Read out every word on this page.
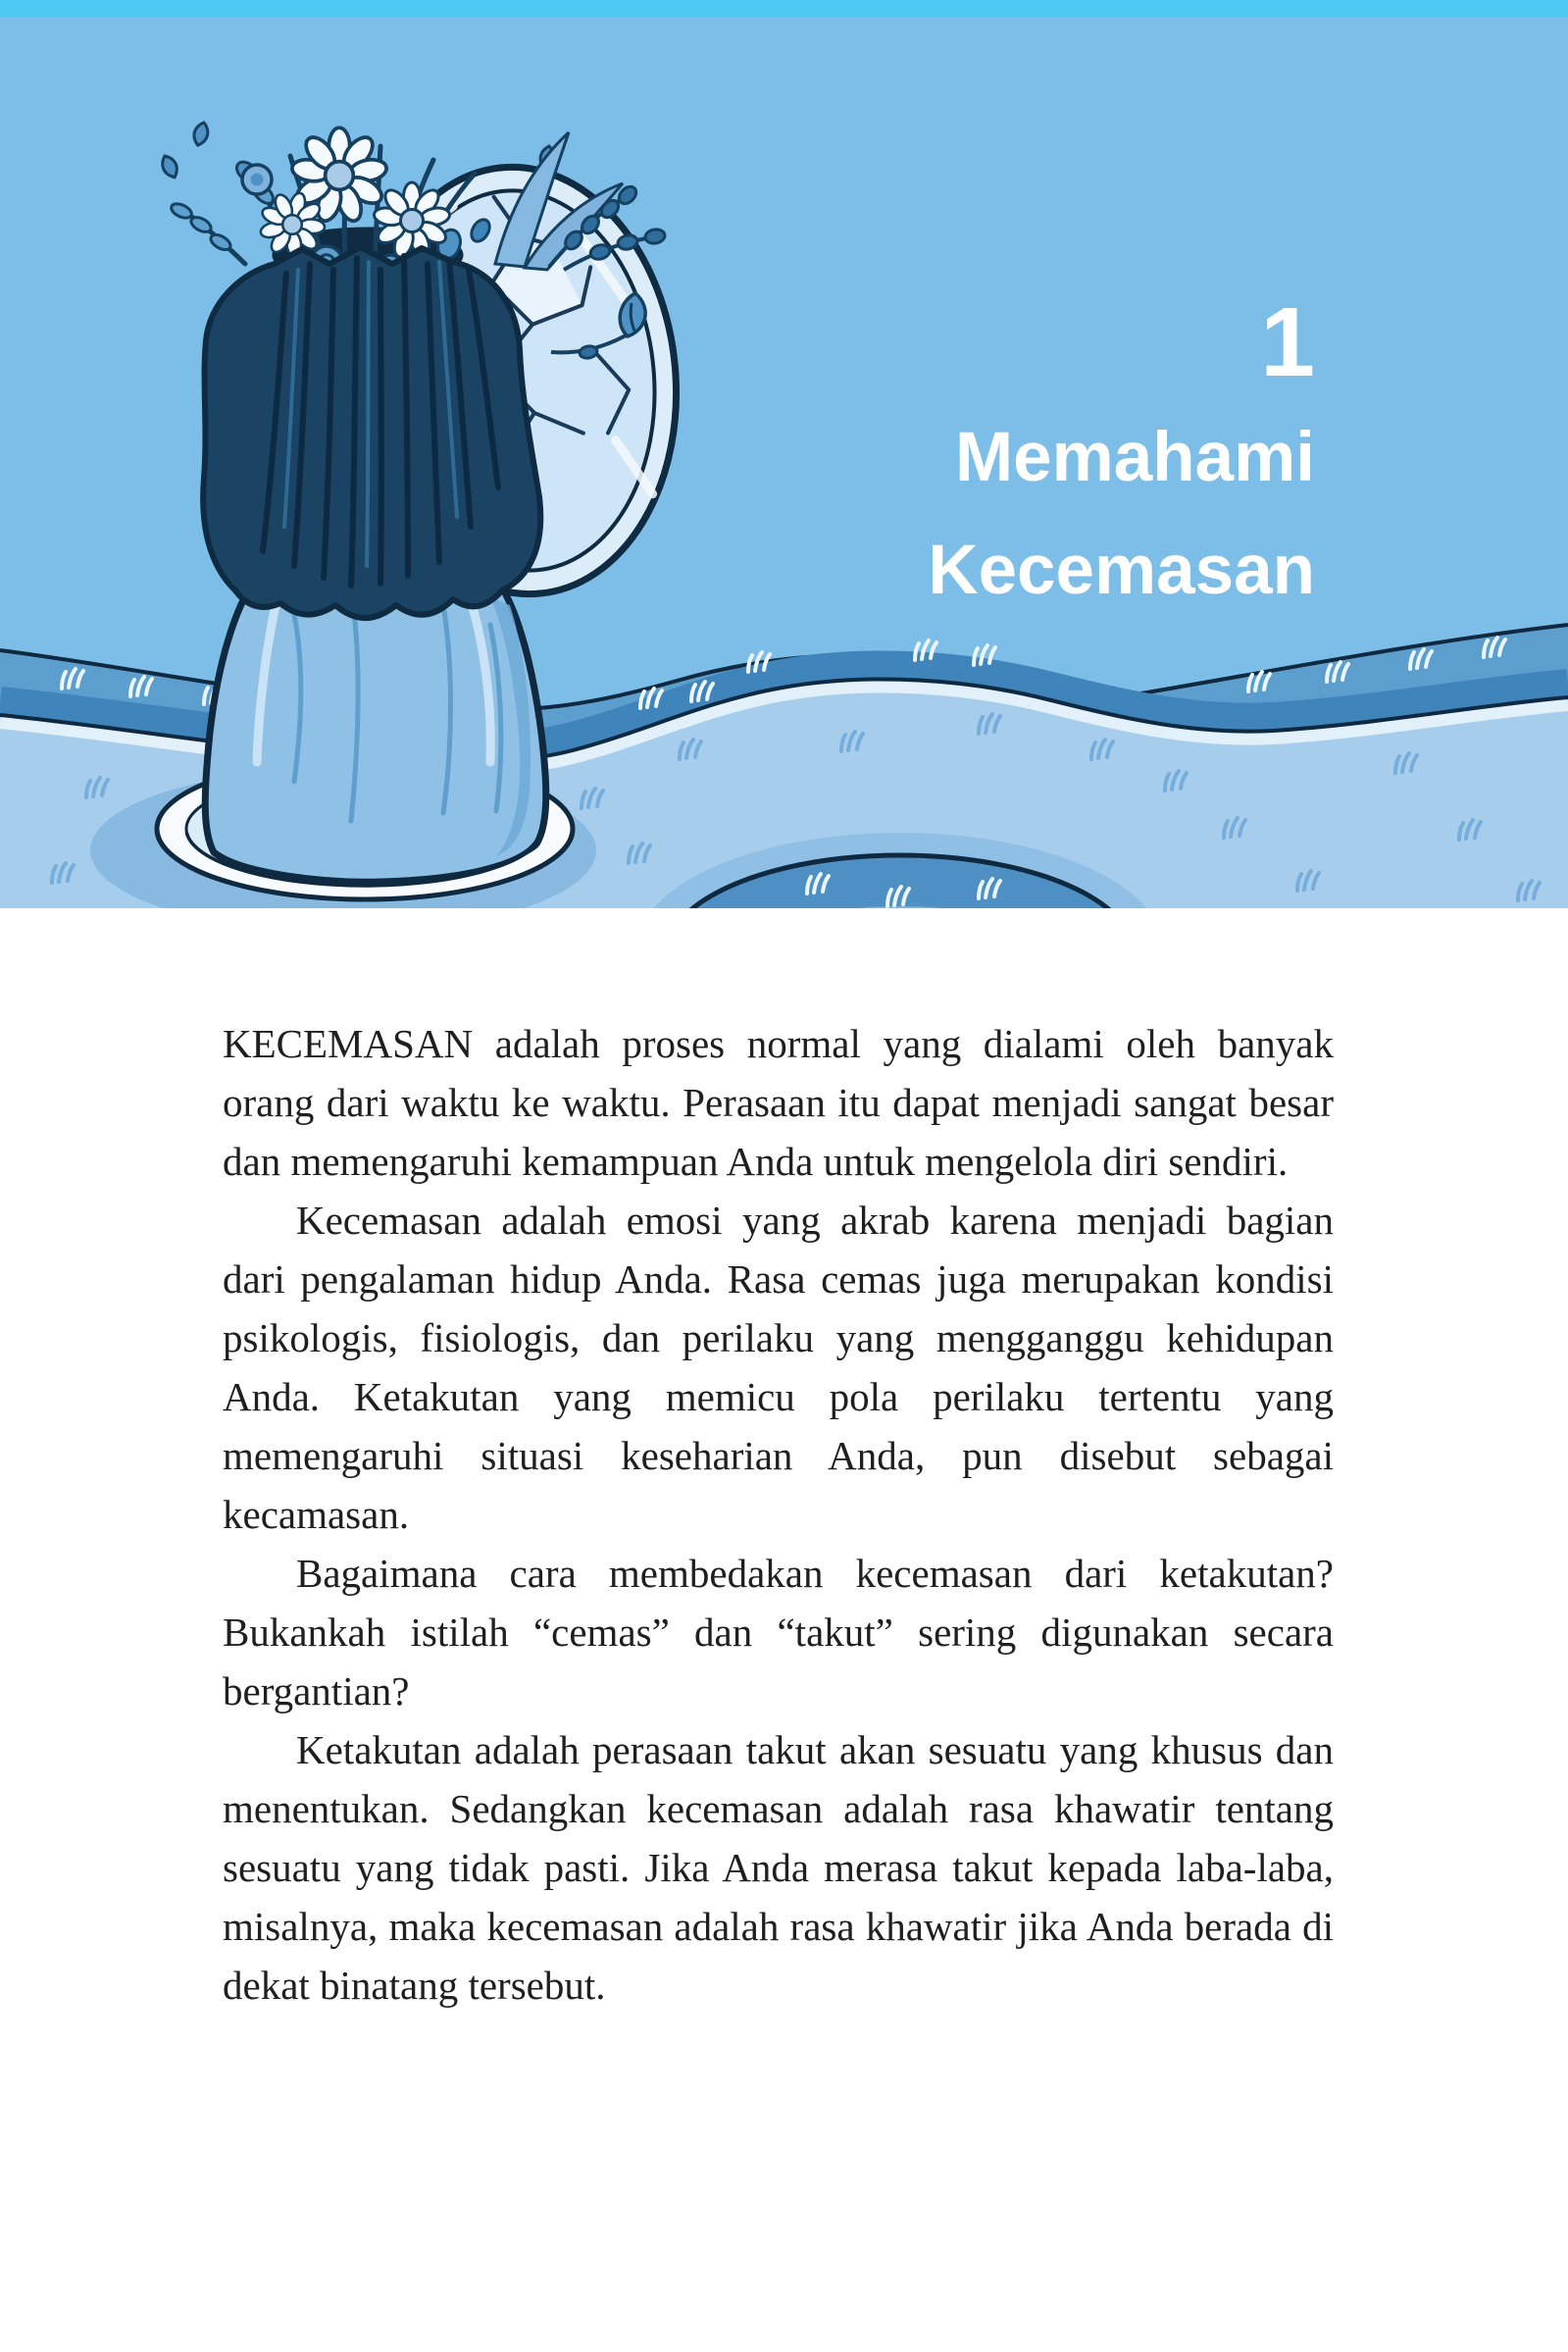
1
Memahami
Kecemasan

KECEMASAN adalah proses normal yang dialami oleh banyak orang dari waktu ke waktu. Perasaan itu dapat menjadi sangat besar dan memengaruhi kemampuan Anda untuk mengelola diri sendiri.

Kecemasan adalah emosi yang akrab karena menjadi bagian dari pengalaman hidup Anda. Rasa cemas juga merupakan kondisi psikologis, fisiologis, dan perilaku yang mengganggu kehidupan Anda. Ketakutan yang memicu pola perilaku tertentu yang memengaruhi situasi keseharian Anda, pun disebut sebagai kecamasan.

Bagaimana cara membedakan kecemasan dari ketakutan? Bukankah istilah “cemas” dan “takut” sering digunakan secara bergantian?

Ketakutan adalah perasaan takut akan sesuatu yang khusus dan menentukan. Sedangkan kecemasan adalah rasa khawatir tentang sesuatu yang tidak pasti. Jika Anda merasa takut kepada laba-laba, misalnya, maka kecemasan adalah rasa khawatir jika Anda berada di dekat binatang tersebut.
